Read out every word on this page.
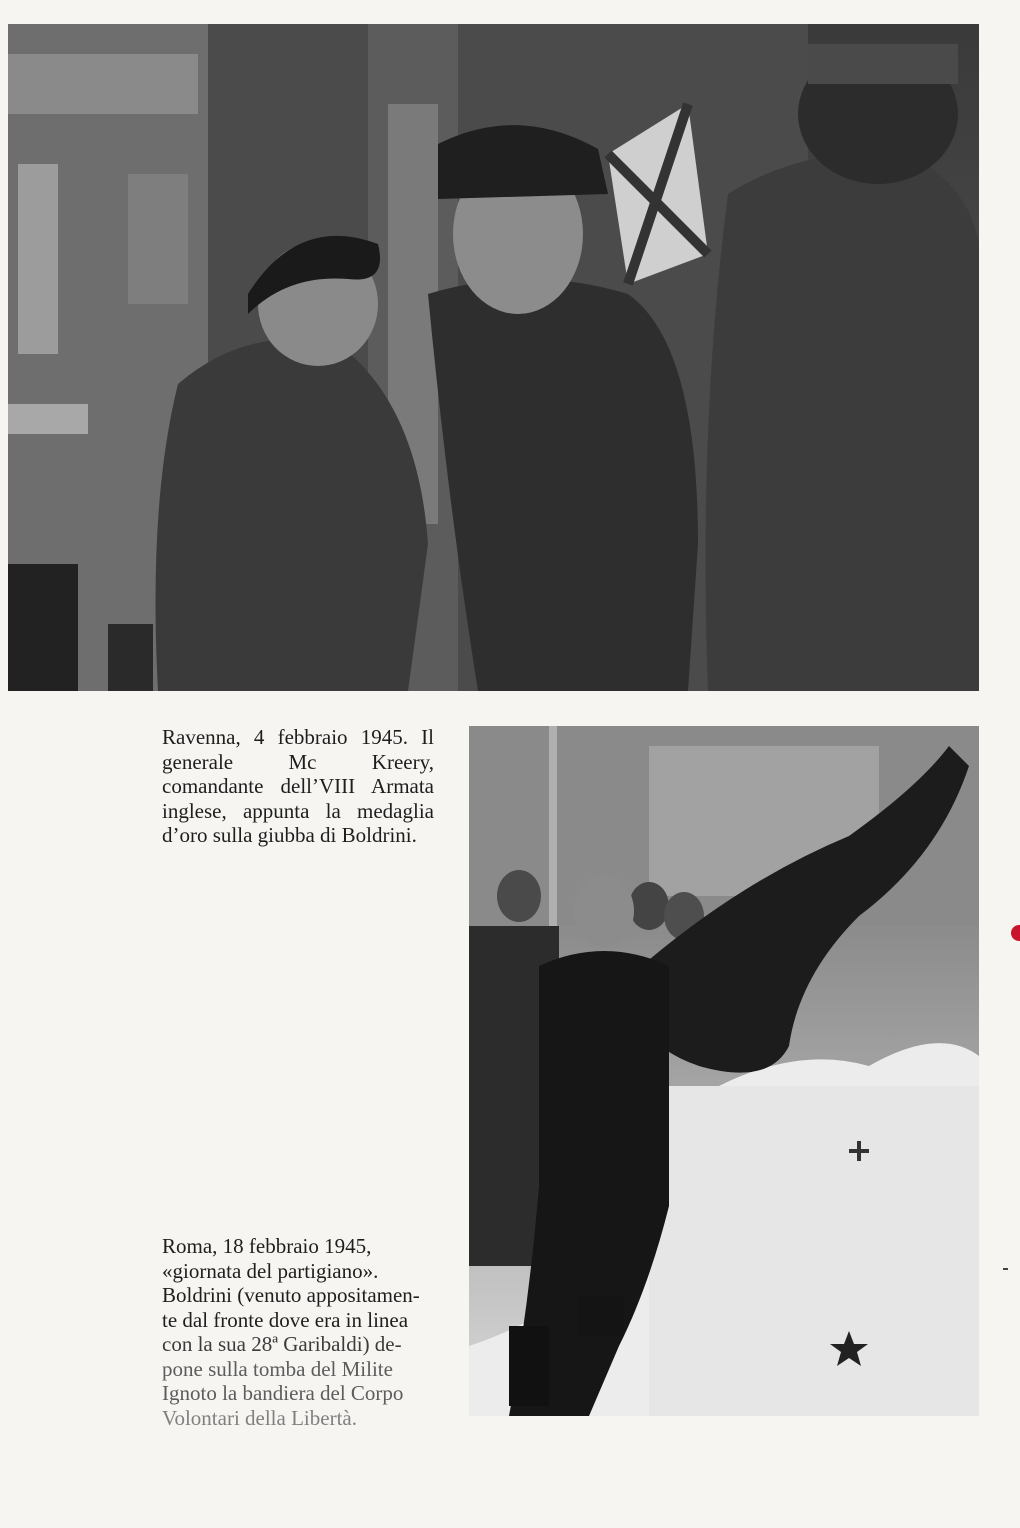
Ravenna, 4 febbraio 1945. Il generale Mc Kreery, comandante dell’VIII Armata inglese, appunta la medaglia d’oro sulla giubba di Boldrini.
Roma, 18 febbraio 1945,
«giornata del partigiano».
Boldrini (venuto appositamen-
te dal fronte dove era in linea
con la sua 28ª Garibaldi) de-
pone sulla tomba del Milite
Ignoto la bandiera del Corpo
Volontari della Libertà.
